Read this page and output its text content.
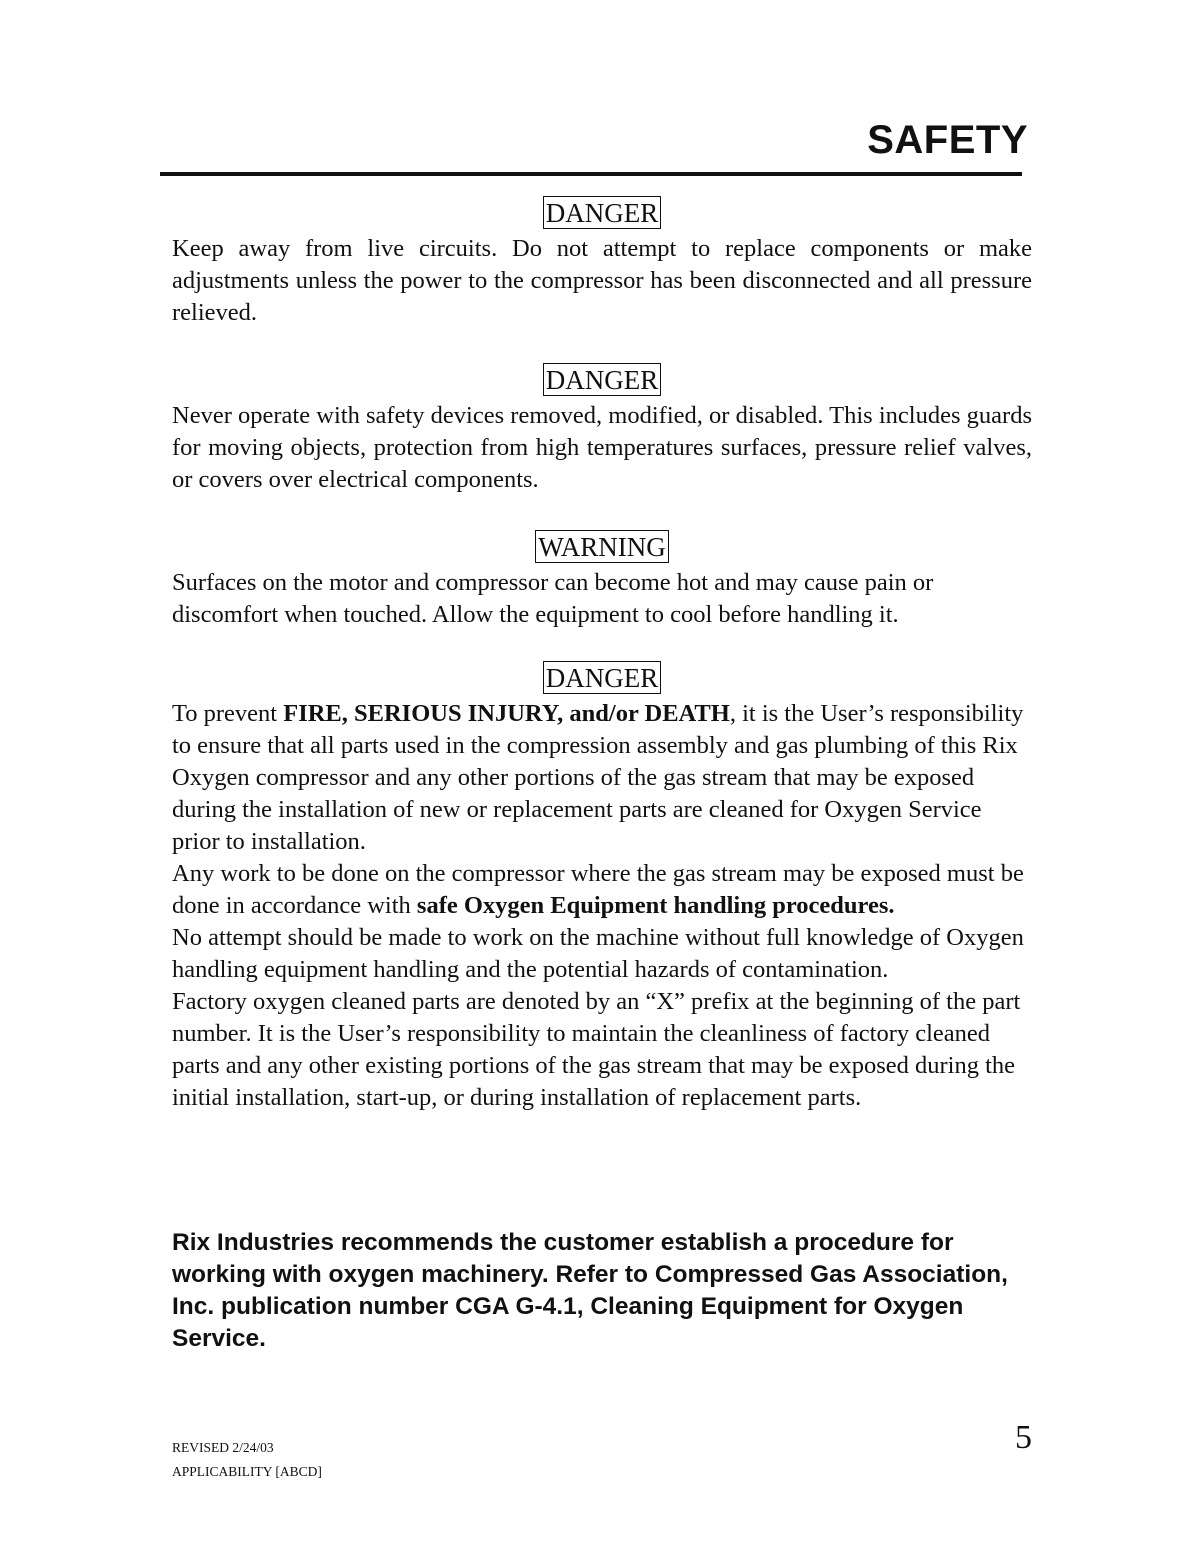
SAFETY
DANGER

Keep away from live circuits. Do not attempt to replace components or make adjustments unless the power to the compressor has been disconnected and all pressure relieved.

DANGER

Never operate with safety devices removed, modified, or disabled. This includes guards for moving objects, protection from high temperatures surfaces, pressure relief valves, or covers over electrical components.

WARNING

Surfaces on the motor and compressor can become hot and may cause pain or discomfort when touched. Allow the equipment to cool before handling it.

DANGER

To prevent FIRE, SERIOUS INJURY, and/or DEATH, it is the User’s responsibility to ensure that all parts used in the compression assembly and gas plumbing of this Rix Oxygen compressor and any other portions of the gas stream that may be exposed during the installation of new or replacement parts are cleaned for Oxygen Service prior to installation.

Any work to be done on the compressor where the gas stream may be exposed must be done in accordance with safe Oxygen Equipment handling procedures.

No attempt should be made to work on the machine without full knowledge of Oxygen handling equipment handling and the potential hazards of contamination.

Factory oxygen cleaned parts are denoted by an “X” prefix at the beginning of the part number. It is the User’s responsibility to maintain the cleanliness of factory cleaned parts and any other existing portions of the gas stream that may be exposed during the initial installation, start-up, or during installation of replacement parts.

Rix Industries recommends the customer establish a procedure for working with oxygen machinery. Refer to Compressed Gas Association, Inc. publication number CGA G-4.1, Cleaning Equipment for Oxygen Service.

REVISED 2/24/03
APPLICABILITY [ABCD]
5
